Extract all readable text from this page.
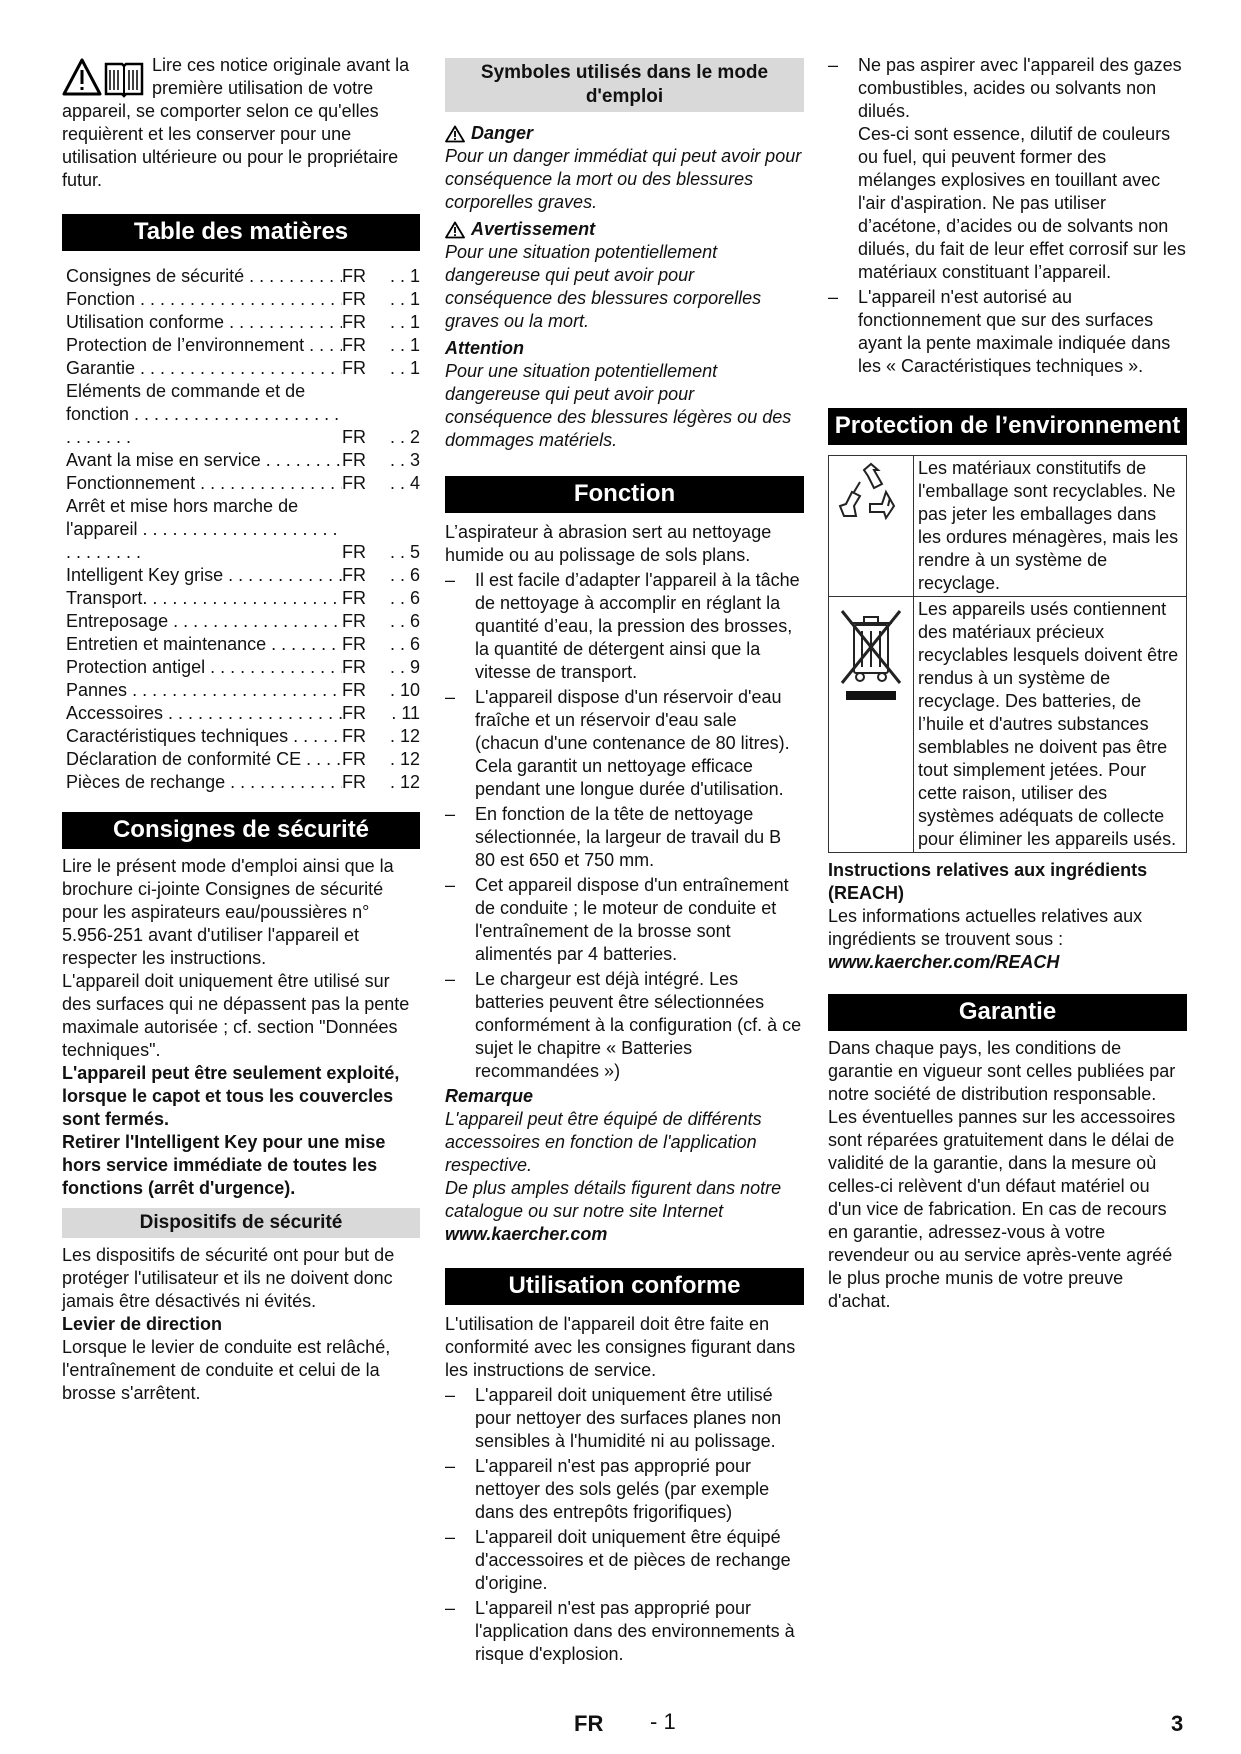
Lire ces notice originale avant la première utilisation de votre appareil, se comporter selon ce qu'elles requièrent et les conserver pour une utilisation ultérieure ou pour le propriétaire futur.

Table des matières
Consignes de sécurité . . .	FR	. . 1
Fonction . . .	FR	. . 1
Utilisation conforme . . .	FR	. . 1
Protection de l’environnement . . .	FR	. . 1
Garantie . . .	FR	. . 1
Eléments de commande et de fonction . . .
FR	. . 2
Avant la mise en service . . .	FR	. . 3
Fonctionnement . . .	FR	. . 4
Arrêt et mise hors marche de l'appareil . . .
FR	. . 5
Intelligent Key grise . . .	FR	. . 6
Transport. . . .	FR	. . 6
Entreposage . . .	FR	. . 6
Entretien et maintenance . . .	FR	. . 6
Protection antigel . . .	FR	. . 9
Pannes . . .	FR	. 10
Accessoires . . .	FR	. 11
Caractéristiques techniques . . .	FR	. 12
Déclaration de conformité CE . . .	FR	. 12
Pièces de rechange . . .	FR	. 12
Consignes de sécurité

Lire le présent mode d'emploi ainsi que la brochure ci-jointe Consignes de sécurité pour les aspirateurs eau/poussières n° 5.956-251 avant d'utiliser l'appareil et respecter les instructions.

L'appareil doit uniquement être utilisé sur des surfaces qui ne dépassent pas la pente maximale autorisée ; cf. section "Données techniques".

L'appareil peut être seulement exploité, lorsque le capot et tous les couvercles sont fermés.

Retirer l'Intelligent Key pour une mise hors service immédiate de toutes les fonctions (arrêt d'urgence).

Dispositifs de sécurité

Les dispositifs de sécurité ont pour but de protéger l'utilisateur et ils ne doivent donc jamais être désactivés ni évités.

Levier de direction

Lorsque le levier de conduite est relâché, l'entraînement de conduite et celui de la brosse s'arrêtent.

Symboles utilisés dans le mode d'emploi
Danger

Pour un danger immédiat qui peut avoir pour conséquence la mort ou des blessures corporelles graves.

Avertissement

Pour une situation potentiellement dangereuse qui peut avoir pour conséquence des blessures corporelles graves ou la mort.

Attention

Pour une situation potentiellement dangereuse qui peut avoir pour conséquence des blessures légères ou des dommages matériels.

Fonction

L’aspirateur à abrasion sert au nettoyage humide ou au polissage de sols plans.

– Il est facile d’adapter l'appareil à la tâche de nettoyage à accomplir en réglant la quantité d’eau, la pression des brosses, la quantité de détergent ainsi que la vitesse de transport.
– L'appareil dispose d'un réservoir d'eau fraîche et un réservoir d'eau sale (chacun d'une contenance de 80 litres). Cela garantit un nettoyage efficace pendant une longue durée d'utilisation.
– En fonction de la tête de nettoyage sélectionnée, la largeur de travail du B 80 est 650 et 750 mm.
– Cet appareil dispose d'un entraînement de conduite ; le moteur de conduite et l'entraînement de la brosse sont alimentés par 4 batteries.
– Le chargeur est déjà intégré. Les batteries peuvent être sélectionnées conformément à la configuration (cf. à ce sujet le chapitre « Batteries recommandées »)

Remarque

L'appareil peut être équipé de différents accessoires en fonction de l'application respective.

De plus amples détails figurent dans notre catalogue ou sur notre site Internet

www.kaercher.com

Utilisation conforme

L'utilisation de l'appareil doit être faite en conformité avec les consignes figurant dans les instructions de service.

– L'appareil doit uniquement être utilisé pour nettoyer des surfaces planes non sensibles à l'humidité ni au polissage.
– L'appareil n'est pas approprié pour nettoyer des sols gelés (par exemple dans des entrepôts frigorifiques)
– L'appareil doit uniquement être équipé d'accessoires et de pièces de rechange d'origine.
– L'appareil n'est pas approprié pour l'application dans des environnements à risque d'explosion.
– Ne pas aspirer avec l'appareil des gazes combustibles, acides ou solvants non dilués.
Ces-ci sont essence, dilutif de couleurs ou fuel, qui peuvent former des mélanges explosives en touillant avec l'air d'aspiration. Ne pas utiliser d’acétone, d’acides ou de solvants non dilués, du fait de leur effet corrosif sur les matériaux constituant l’appareil.
– L'appareil n'est autorisé au fonctionnement que sur des surfaces ayant la pente maximale indiquée dans les « Caractéristiques techniques ».
Protection de l’environnement
	Les matériaux constitutifs de l'emballage sont recyclables. Ne pas jeter les emballages dans les ordures ménagères, mais les rendre à un système de recyclage.
	Les appareils usés contiennent des matériaux précieux recyclables lesquels doivent être rendus à un système de recyclage. Des batteries, de l’huile et d'autres substances semblables ne doivent pas être tout simplement jetées. Pour cette raison, utiliser des systèmes adéquats de collecte pour éliminer les appareils usés.

Instructions relatives aux ingrédients (REACH)

Les informations actuelles relatives aux ingrédients se trouvent sous :

www.kaercher.com/REACH

Garantie

Dans chaque pays, les conditions de garantie en vigueur sont celles publiées par notre société de distribution responsable. Les éventuelles pannes sur les accessoires sont réparées gratuitement dans le délai de validité de la garantie, dans la mesure où celles-ci relèvent d'un défaut matériel ou d'un vice de fabrication. En cas de recours en garantie, adressez-vous à votre revendeur ou au service après-vente agréé le plus proche munis de votre preuve d'achat.

FR - 1	3
